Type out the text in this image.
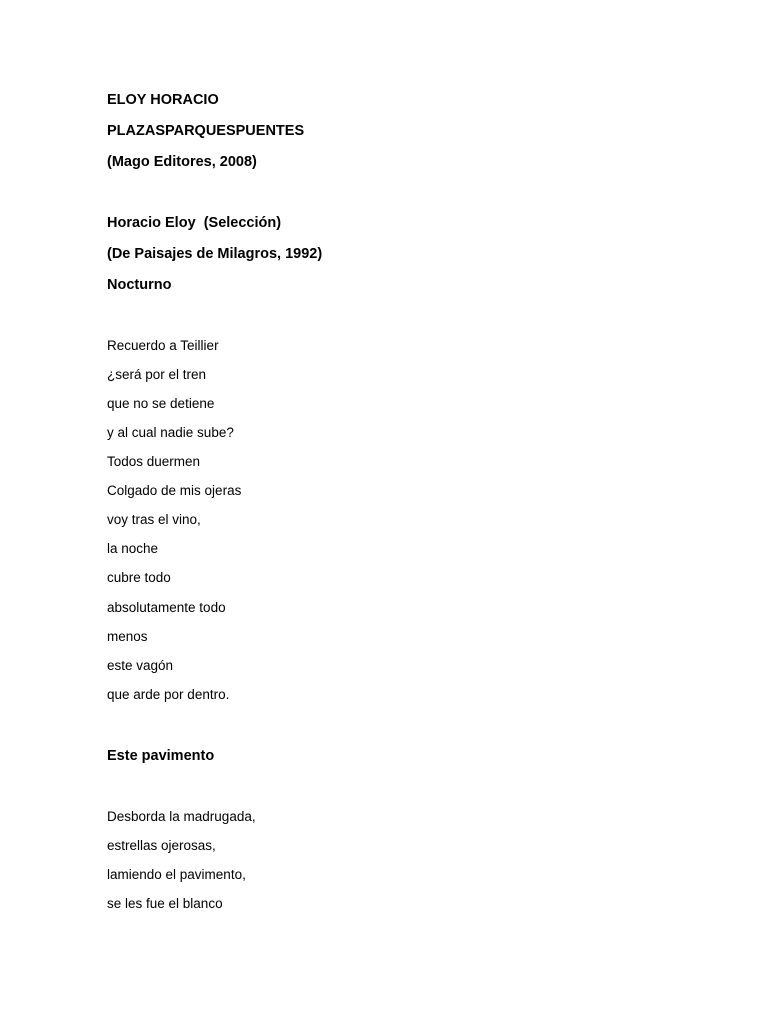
ELOY HORACIO
PLAZASPARQUESPUENTES
(Mago Editores, 2008)
Horacio Eloy  (Selección)
(De Paisajes de Milagros, 1992)
Nocturno
Recuerdo a Teillier
¿será por el tren
que no se detiene
y al cual nadie sube?
Todos duermen
Colgado de mis ojeras
voy tras el vino,
la noche
cubre todo
absolutamente todo
menos
este vagón
que arde por dentro.
Este pavimento
Desborda la madrugada,
estrellas ojerosas,
lamiendo el pavimento,
se les fue el blanco
